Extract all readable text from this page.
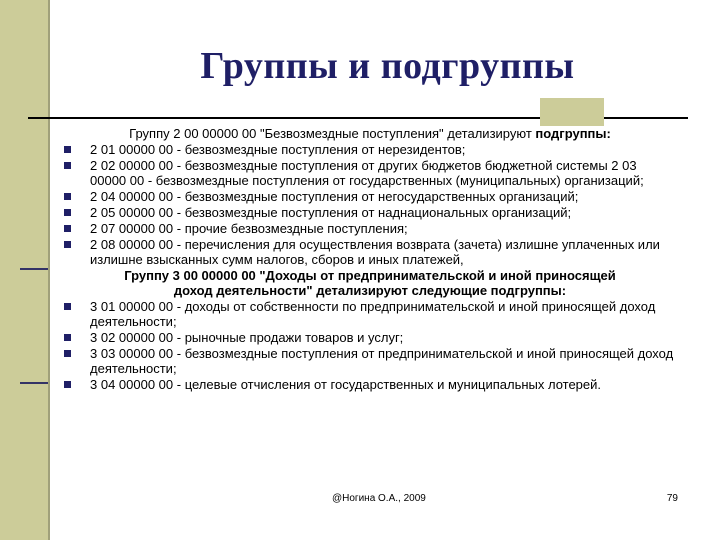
Группы и подгруппы

Группу 2 00 00000 00 "Безвозмездные поступления" детализируют подгруппы:

2 01 00000 00 - безвозмездные поступления от нерезидентов;
2 02 00000 00 - безвозмездные поступления от других бюджетов бюджетной системы 2 03 00000 00 - безвозмездные поступления от государственных (муниципальных) организаций;
2 04 00000 00 - безвозмездные поступления от негосударственных организаций;
2 05 00000 00 - безвозмездные поступления от наднациональных организаций;
2 07 00000 00 - прочие безвозмездные поступления;
2 08 00000 00 - перечисления для осуществления возврата (зачета) излишне уплаченных или излишне взысканных сумм налогов, сборов и иных платежей,

Группу 3 00 00000 00 "Доходы от предпринимательской и иной приносящей
доход деятельности" детализируют следующие подгруппы:

3 01 00000 00 - доходы от собственности по предпринимательской и иной приносящей доход деятельности;
3 02 00000 00 - рыночные продажи товаров и услуг;
3 03 00000 00 - безвозмездные поступления от предпринимательской и иной приносящей доход деятельности;
3 04 00000 00 - целевые отчисления от государственных и муниципальных лотерей.
@Ногина О.А., 2009	79
